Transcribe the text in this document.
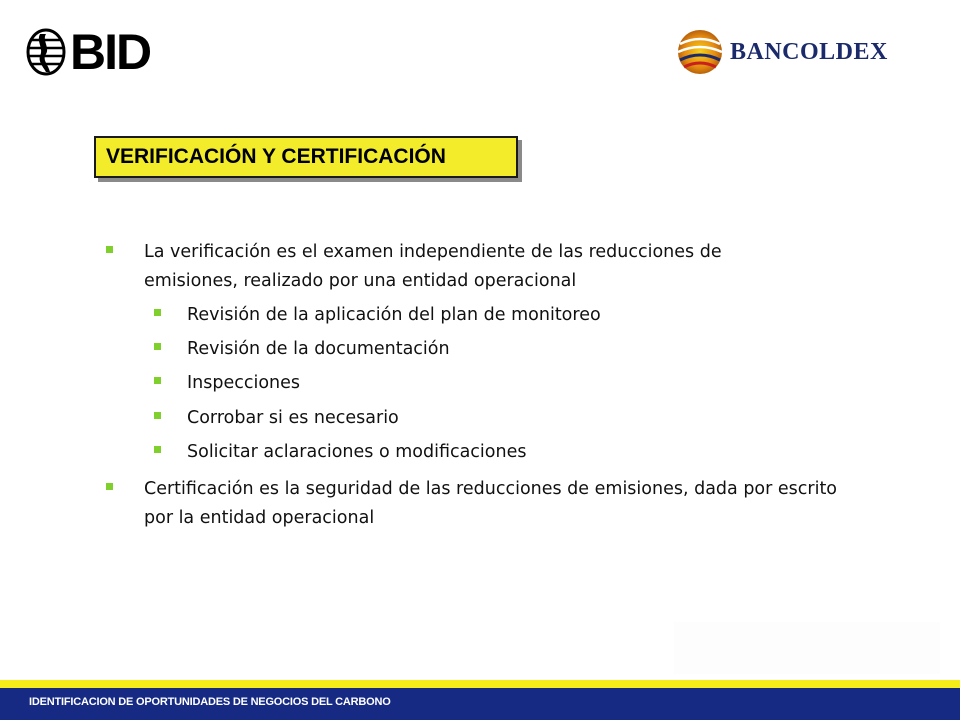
BID	BANCOLDEX
VERIFICACIÓN Y CERTIFICACIÓN
La verificación es el examen independiente de las reducciones de emisiones, realizado por una entidad operacional
Revisión de la aplicación del plan de monitoreo
Revisión de la documentación
Inspecciones
Corrobar si es necesario
Solicitar aclaraciones o modificaciones
Certificación es la seguridad de las reducciones de emisiones, dada por escrito por la entidad operacional
IDENTIFICACION DE OPORTUNIDADES DE NEGOCIOS DEL CARBONO
